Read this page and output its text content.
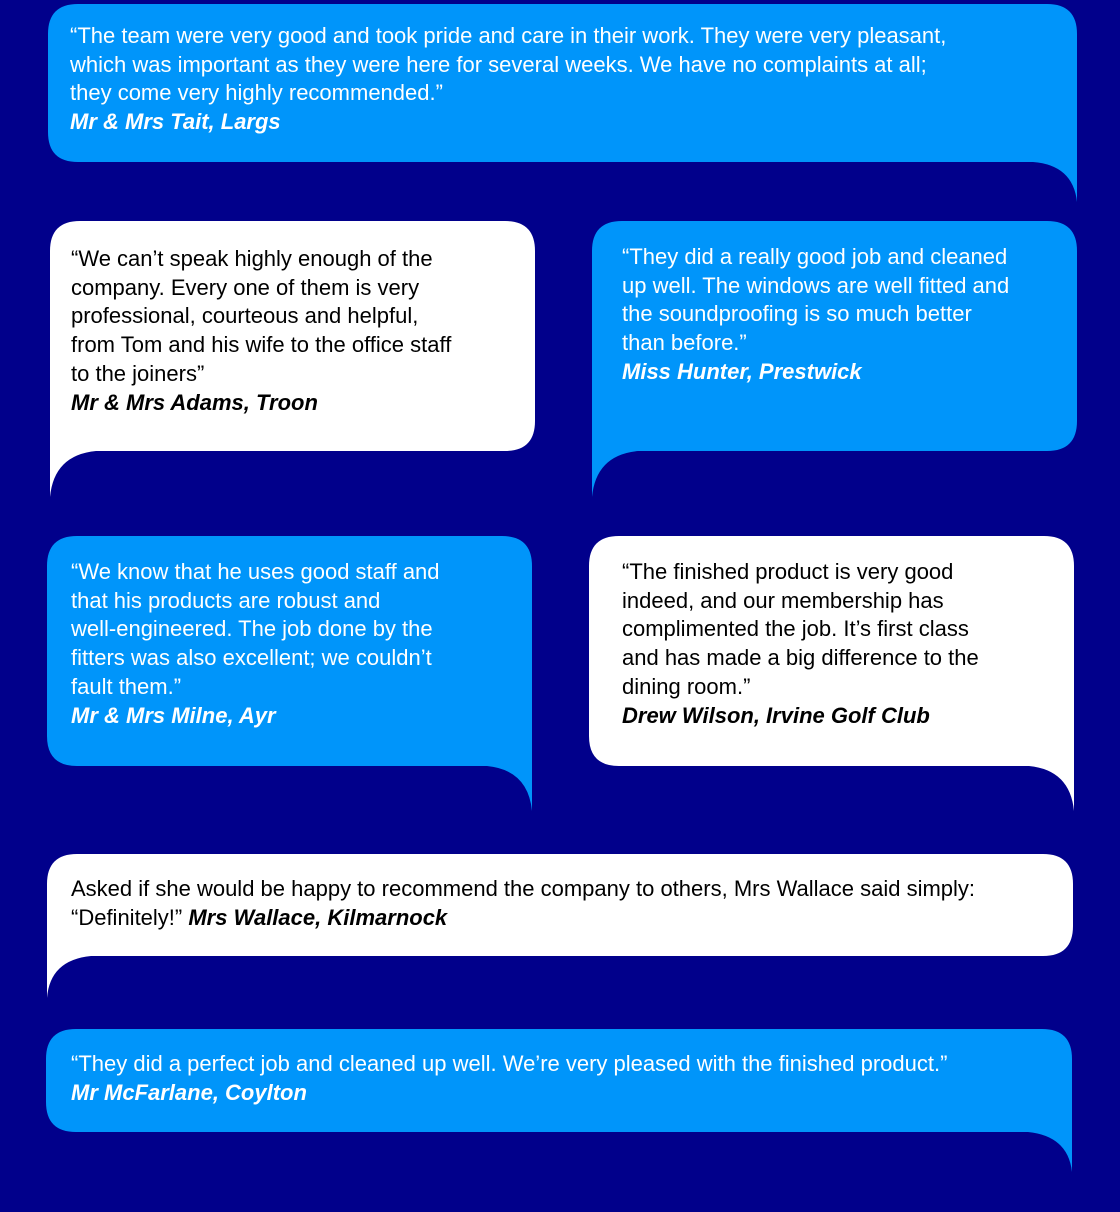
“The team were very good and took pride and care in their work. They were very pleasant,
which was important as they were here for several weeks. We have no complaints at all;
they come very highly recommended.”
Mr & Mrs Tait, Largs
“We can’t speak highly enough of the
company. Every one of them is very
professional, courteous and helpful,
from Tom and his wife to the office staff
to the joiners”
Mr & Mrs Adams, Troon
“They did a really good job and cleaned
up well. The windows are well fitted and
the soundproofing is so much better
than before.”
Miss Hunter, Prestwick
“We know that he uses good staff and
that his products are robust and
well-engineered. The job done by the
fitters was also excellent; we couldn’t
fault them.”
Mr & Mrs Milne, Ayr
“The finished product is very good
indeed, and our membership has
complimented the job. It’s first class
and has made a big difference to the
dining room.”
Drew Wilson, Irvine Golf Club
Asked if she would be happy to recommend the company to others, Mrs Wallace said simply:
“Definitely!” Mrs Wallace, Kilmarnock
“They did a perfect job and cleaned up well. We’re very pleased with the finished product.”
Mr McFarlane, Coylton
